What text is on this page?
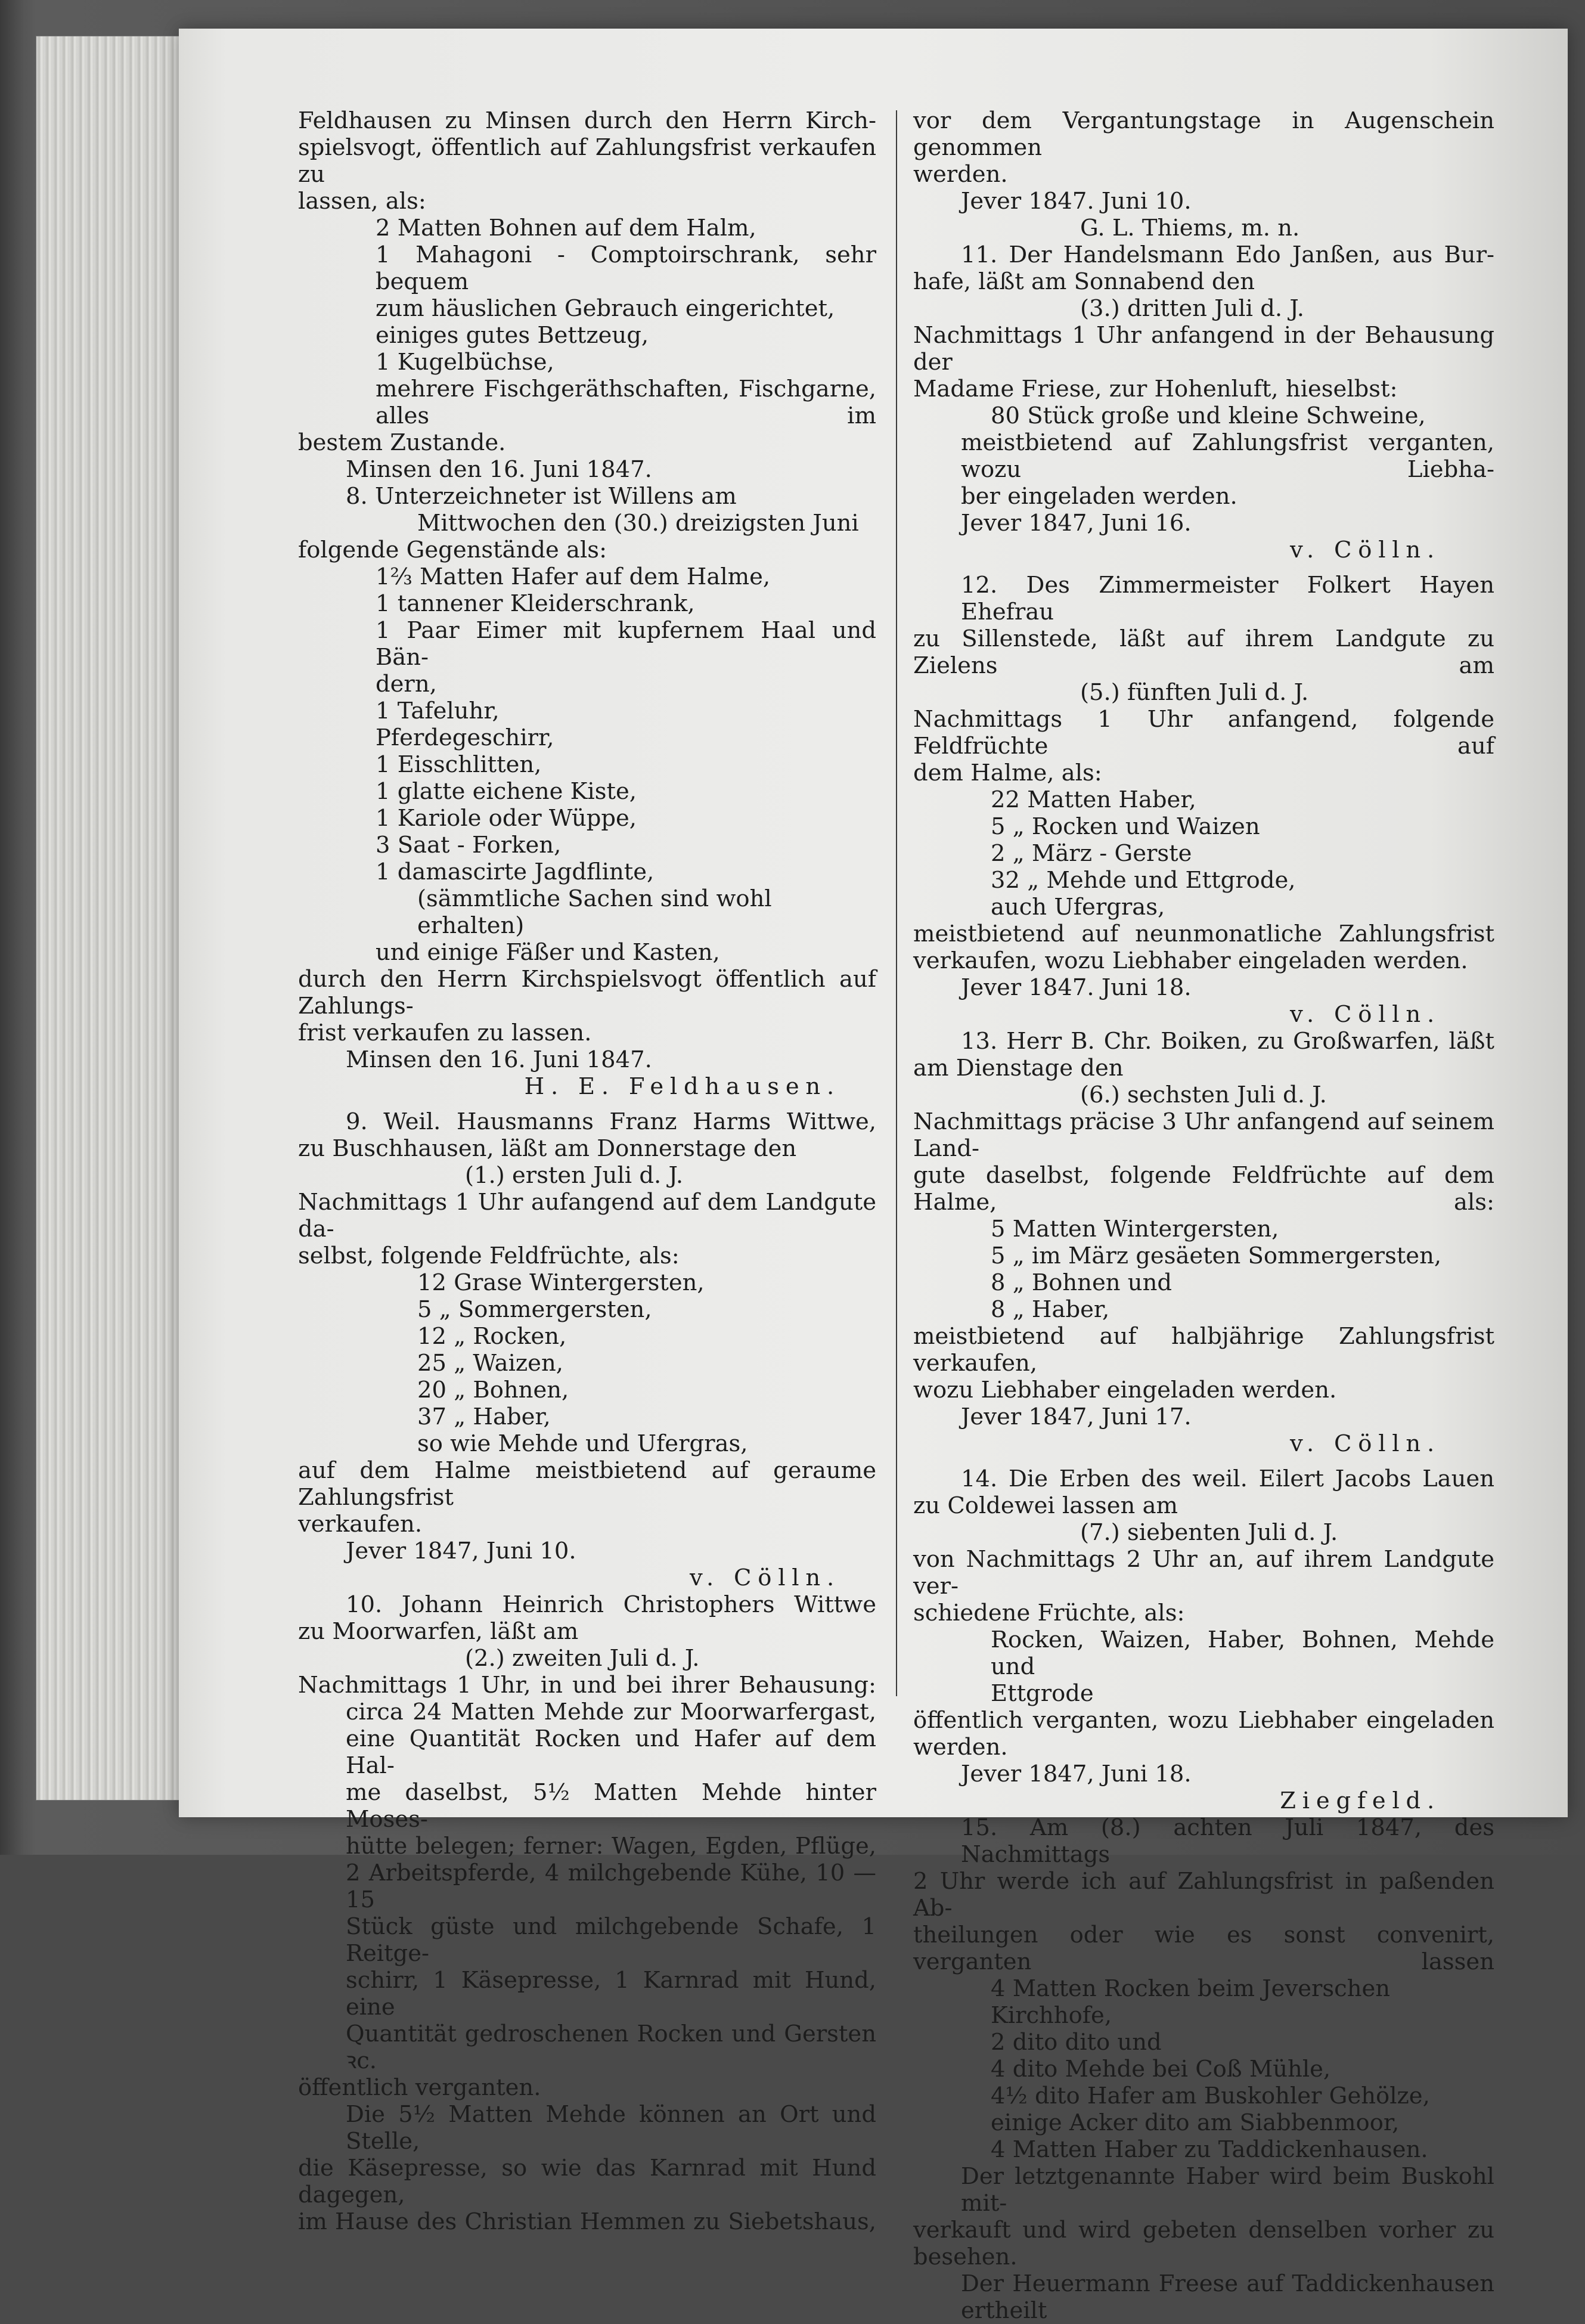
Feldhausen zu Minsen durch den Herrn Kirch-

spielsvogt, öffentlich auf Zahlungsfrist verkaufen zu

lassen, als:

2 Matten Bohnen auf dem Halm,

1 Mahagoni - Comptoirschrank, sehr bequem

zum häuslichen Gebrauch eingerichtet,

einiges gutes Bettzeug,

1 Kugelbüchse,

mehrere Fischgeräthschaften, Fischgarne, alles im

bestem Zustande.

Minsen den 16. Juni 1847.

8. Unterzeichneter ist Willens am

Mittwochen den (30.) dreizigsten Juni

folgende Gegenstände als:

1⅔ Matten Hafer auf dem Halme,

1 tannener Kleiderschrank,

1 Paar Eimer mit kupfernem Haal und Bän-

dern,

1 Tafeluhr,

Pferdegeschirr,

1 Eisschlitten,

1 glatte eichene Kiste,

1 Kariole oder Wüppe,

3 Saat - Forken,

1 damascirte Jagdflinte,

(sämmtliche Sachen sind wohl erhalten)

und einige Fäßer und Kasten,

durch den Herrn Kirchspielsvogt öffentlich auf Zahlungs-

frist verkaufen zu lassen.

Minsen den 16. Juni 1847.

H. E. Feldhausen.

9. Weil. Hausmanns Franz Harms Wittwe,

zu Buschhausen, läßt am Donnerstage den

(1.) ersten Juli d. J.

Nachmittags 1 Uhr aufangend auf dem Landgute da-

selbst, folgende Feldfrüchte, als:

12 Grase Wintergersten,

5 „ Sommergersten,

12 „ Rocken,

25 „ Waizen,

20 „ Bohnen,

37 „ Haber,

so wie Mehde und Ufergras,

auf dem Halme meistbietend auf geraume Zahlungsfrist

verkaufen.

Jever 1847, Juni 10.

v. Cölln.

10. Johann Heinrich Christophers Wittwe

zu Moorwarfen, läßt am

(2.) zweiten Juli d. J.

Nachmittags 1 Uhr, in und bei ihrer Behausung:

circa 24 Matten Mehde zur Moorwarfergast,

eine Quantität Rocken und Hafer auf dem Hal-

me daselbst, 5½ Matten Mehde hinter Moses-

hütte belegen; ferner: Wagen, Egden, Pflüge,

2 Arbeitspferde, 4 milchgebende Kühe, 10 — 15

Stück güste und milchgebende Schafe, 1 Reitge-

schirr, 1 Käsepresse, 1 Karnrad mit Hund, eine

Quantität gedroschenen Rocken und Gersten ꝛc.

öffentlich verganten.

Die 5½ Matten Mehde können an Ort und Stelle,

die Käsepresse, so wie das Karnrad mit Hund dagegen,

im Hause des Christian Hemmen zu Siebetshaus,

vor dem Vergantungstage in Augenschein genommen

werden.

Jever 1847. Juni 10.

G. L. Thiems, m. n.

11. Der Handelsmann Edo Janßen, aus Bur-

hafe, läßt am Sonnabend den

(3.) dritten Juli d. J.

Nachmittags 1 Uhr anfangend in der Behausung der

Madame Friese, zur Hohenluft, hieselbst:

80 Stück große und kleine Schweine,

meistbietend auf Zahlungsfrist verganten, wozu Liebha-

ber eingeladen werden.

Jever 1847, Juni 16.

v. Cölln.

12. Des Zimmermeister Folkert Hayen Ehefrau

zu Sillenstede, läßt auf ihrem Landgute zu Zielens am

(5.) fünften Juli d. J.

Nachmittags 1 Uhr anfangend, folgende Feldfrüchte auf

dem Halme, als:

22 Matten Haber,

5 „ Rocken und Waizen

2 „ März - Gerste

32 „ Mehde und Ettgrode,

auch Ufergras,

meistbietend auf neunmonatliche Zahlungsfrist

verkaufen, wozu Liebhaber eingeladen werden.

Jever 1847. Juni 18.

v. Cölln.

13. Herr B. Chr. Boiken, zu Großwarfen, läßt

am Dienstage den

(6.) sechsten Juli d. J.

Nachmittags präcise 3 Uhr anfangend auf seinem Land-

gute daselbst, folgende Feldfrüchte auf dem Halme, als:

5 Matten Wintergersten,

5 „ im März gesäeten Sommergersten,

8 „ Bohnen und

8 „ Haber,

meistbietend auf halbjährige Zahlungsfrist verkaufen,

wozu Liebhaber eingeladen werden.

Jever 1847, Juni 17.

v. Cölln.

14. Die Erben des weil. Eilert Jacobs Lauen

zu Coldewei lassen am

(7.) siebenten Juli d. J.

von Nachmittags 2 Uhr an, auf ihrem Landgute ver-

schiedene Früchte, als:

Rocken, Waizen, Haber, Bohnen, Mehde und

Ettgrode

öffentlich verganten, wozu Liebhaber eingeladen werden.

Jever 1847, Juni 18.

Ziegfeld.

15. Am (8.) achten Juli 1847, des Nachmittags

2 Uhr werde ich auf Zahlungsfrist in paßenden Ab-

theilungen oder wie es sonst convenirt, verganten lassen

4 Matten Rocken beim Jeverschen Kirchhofe,

2 dito dito und

4 dito Mehde bei Coß Mühle,

4½ dito Hafer am Buskohler Gehölze,

einige Acker dito am Siabbenmoor,

4 Matten Haber zu Taddickenhausen.

Der letztgenannte Haber wird beim Buskohl mit-

verkauft und wird gebeten denselben vorher zu besehen.

Der Heuermann Freese auf Taddickenhausen ertheilt
